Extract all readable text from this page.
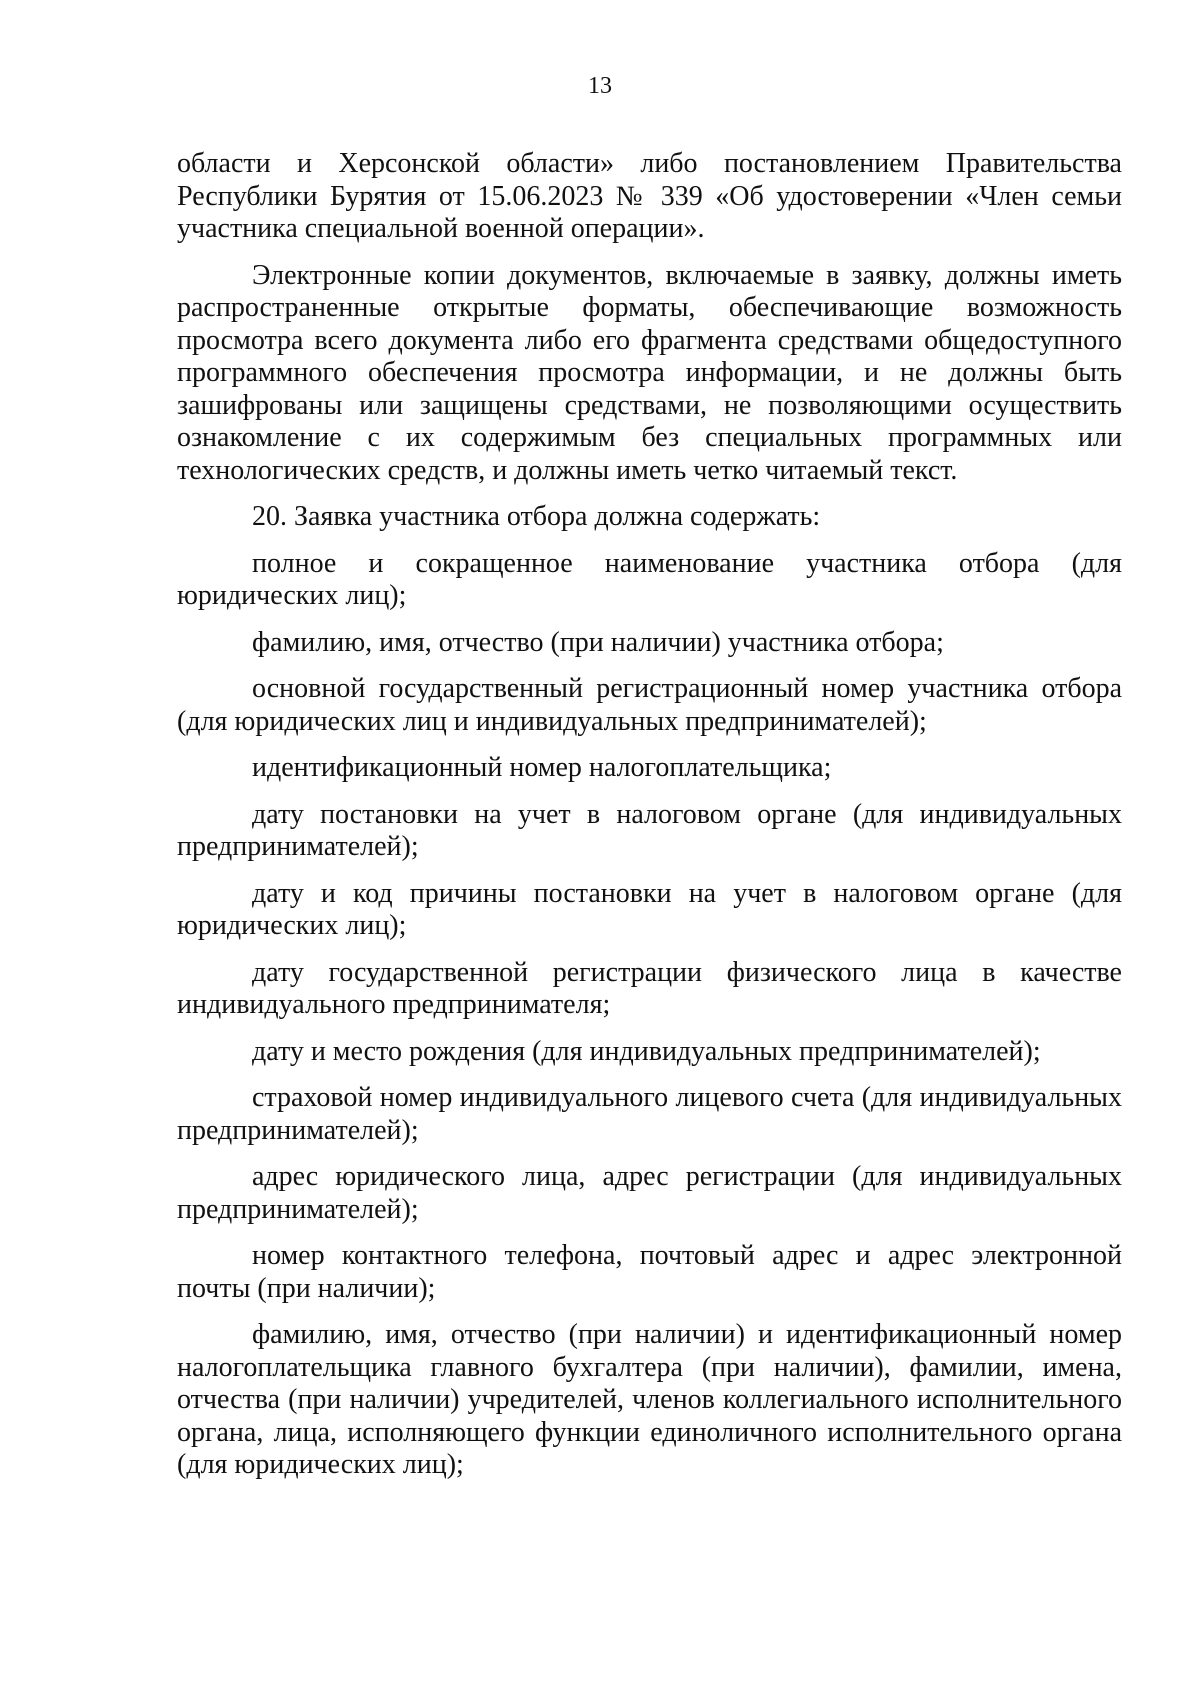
13

области и Херсонской области» либо постановлением Правительства Республики Бурятия от 15.06.2023 № 339 «Об удостоверении «Член семьи участника специальной военной операции».

Электронные копии документов, включаемые в заявку, должны иметь распространенные открытые форматы, обеспечивающие возможность просмотра всего документа либо его фрагмента средствами общедоступного программного обеспечения просмотра информации, и не должны быть зашифрованы или защищены средствами, не позволяющими осуществить ознакомление с их содержимым без специальных программных или технологических средств, и должны иметь четко читаемый текст.

20. Заявка участника отбора должна содержать:

полное и сокращенное наименование участника отбора (для юридических лиц);

фамилию, имя, отчество (при наличии) участника отбора;

основной государственный регистрационный номер участника отбора (для юридических лиц и индивидуальных предпринимателей);

идентификационный номер налогоплательщика;

дату постановки на учет в налоговом органе (для индивидуальных предпринимателей);

дату и код причины постановки на учет в налоговом органе (для юридических лиц);

дату государственной регистрации физического лица в качестве индивидуального предпринимателя;

дату и место рождения (для индивидуальных предпринимателей);

страховой номер индивидуального лицевого счета (для индивидуальных предпринимателей);

адрес юридического лица, адрес регистрации (для индивидуальных предпринимателей);

номер контактного телефона, почтовый адрес и адрес электронной почты (при наличии);

фамилию, имя, отчество (при наличии) и идентификационный номер налогоплательщика главного бухгалтера (при наличии), фамилии, имена, отчества (при наличии) учредителей, членов коллегиального исполнительного органа, лица, исполняющего функции единоличного исполнительного органа (для юридических лиц);
